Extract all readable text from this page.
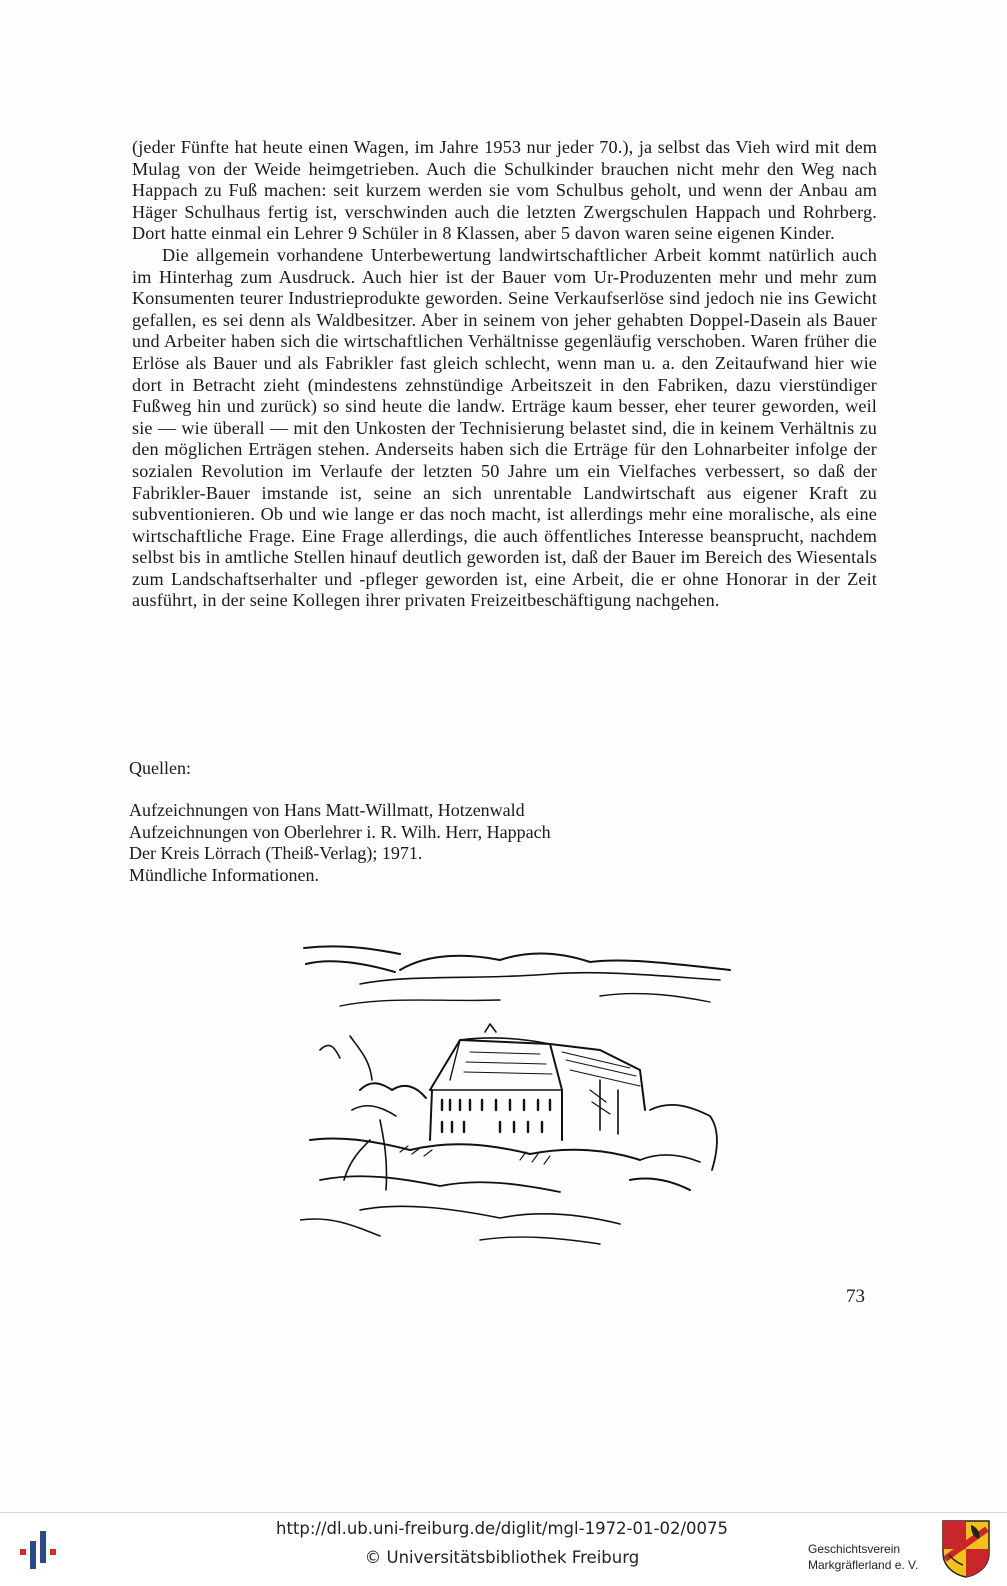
(jeder Fünfte hat heute einen Wagen, im Jahre 1953 nur jeder 70.), ja selbst das Vieh wird mit dem Mulag von der Weide heimgetrieben. Auch die Schulkinder brauchen nicht mehr den Weg nach Happach zu Fuß machen: seit kurzem werden sie vom Schulbus geholt, und wenn der Anbau am Häger Schulhaus fertig ist, verschwinden auch die letzten Zwergschulen Happach und Rohrberg. Dort hatte einmal ein Lehrer 9 Schüler in 8 Klassen, aber 5 davon waren seine eigenen Kinder.

Die allgemein vorhandene Unterbewertung landwirtschaftlicher Arbeit kommt natürlich auch im Hinterhag zum Ausdruck. Auch hier ist der Bauer vom Ur-Produzenten mehr und mehr zum Konsumenten teurer Industrieprodukte geworden. Seine Verkaufserlöse sind jedoch nie ins Gewicht gefallen, es sei denn als Waldbesitzer. Aber in seinem von jeher gehabten Doppel-Dasein als Bauer und Arbeiter haben sich die wirtschaftlichen Verhältnisse gegenläufig verschoben. Waren früher die Erlöse als Bauer und als Fabrikler fast gleich schlecht, wenn man u. a. den Zeitaufwand hier wie dort in Betracht zieht (mindestens zehnstündige Arbeitszeit in den Fabriken, dazu vierstündiger Fußweg hin und zurück) so sind heute die landw. Erträge kaum besser, eher teurer geworden, weil sie — wie überall — mit den Unkosten der Technisierung belastet sind, die in keinem Verhältnis zu den möglichen Erträgen stehen. Anderseits haben sich die Erträge für den Lohnarbeiter infolge der sozialen Revolution im Verlaufe der letzten 50 Jahre um ein Vielfaches verbessert, so daß der Fabrikler-Bauer imstande ist, seine an sich unrentable Landwirtschaft aus eigener Kraft zu subventionieren. Ob und wie lange er das noch macht, ist allerdings mehr eine moralische, als eine wirtschaftliche Frage. Eine Frage allerdings, die auch öffentliches Interesse beansprucht, nachdem selbst bis in amtliche Stellen hinauf deutlich geworden ist, daß der Bauer im Bereich des Wiesentals zum Landschaftserhalter und -pfleger geworden ist, eine Arbeit, die er ohne Honorar in der Zeit ausführt, in der seine Kollegen ihrer privaten Freizeitbeschäftigung nachgehen.

Quellen:

Aufzeichnungen von Hans Matt-Willmatt, Hotzenwald

Aufzeichnungen von Oberlehrer i. R. Wilh. Herr, Happach

Der Kreis Lörrach (Theiß-Verlag); 1971.

Mündliche Informationen.

73
http://dl.ub.uni-freiburg.de/diglit/mgl-1972-01-02/0075
© Universitätsbibliothek Freiburg	Geschichtsverein
Markgräflerland e. V.
